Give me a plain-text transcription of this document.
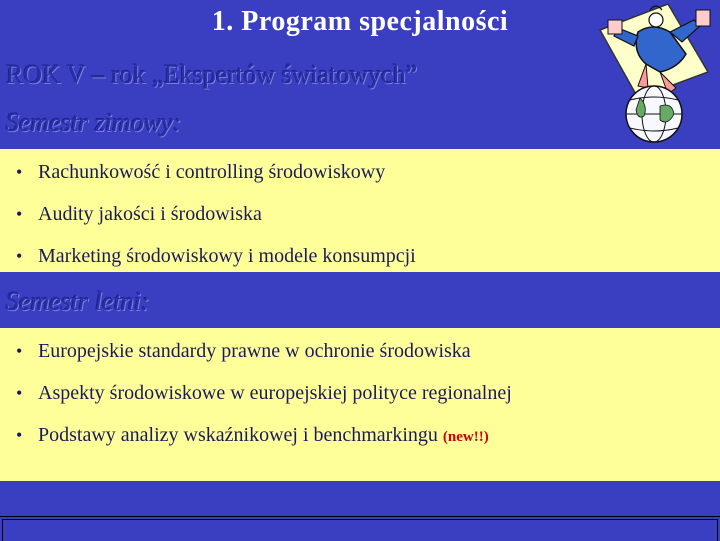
1. Program specjalności
ROK V – rok „Ekspertów światowych”
Semestr zimowy:
• Rachunkowość i controlling środowiskowy
• Audity jakości i środowiska
• Marketing środowiskowy i modele konsumpcji
Semestr letni:
• Europejskie standardy prawne w ochronie środowiska
• Aspekty środowiskowe w europejskiej polityce regionalnej
• Podstawy analizy wskaźnikowej i benchmarkingu (new!!)
